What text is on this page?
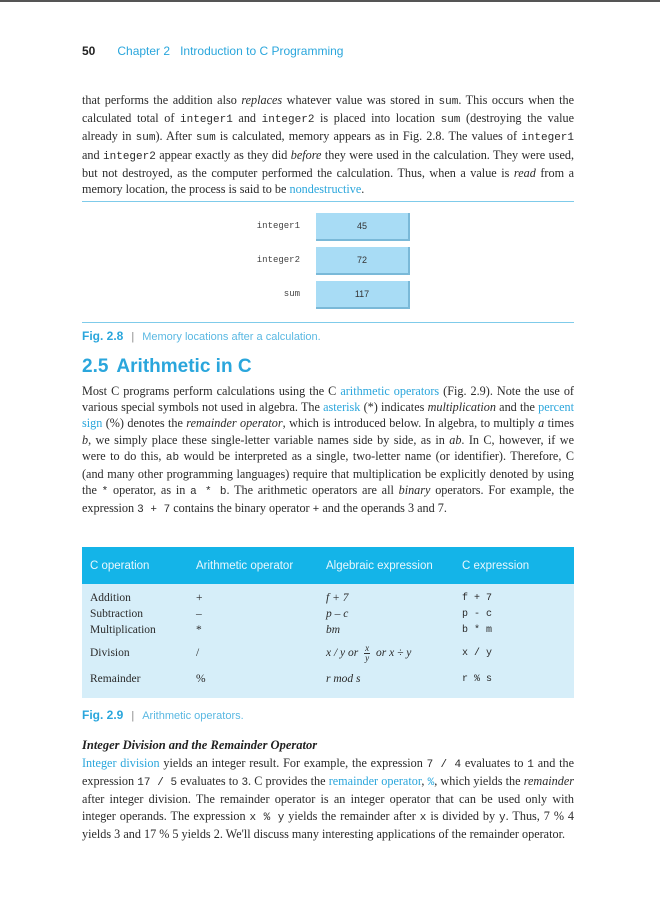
50 Chapter 2 Introduction to C Programming
that performs the addition also replaces whatever value was stored in sum. This occurs when the calculated total of integer1 and integer2 is placed into location sum (destroying the value already in sum). After sum is calculated, memory appears as in Fig. 2.8. The values of integer1 and integer2 appear exactly as they did before they were used in the calculation. They were used, but not destroyed, as the computer performed the calculation. Thus, when a value is read from a memory location, the process is said to be nondestructive.
integer1	45
integer2	72
sum	117
Fig. 2.8 | Memory locations after a calculation.
2.5 Arithmetic in C
Most C programs perform calculations using the C arithmetic operators (Fig. 2.9). Note the use of various special symbols not used in algebra. The asterisk (*) indicates multiplication and the percent sign (%) denotes the remainder operator, which is introduced below. In algebra, to multiply a times b, we simply place these single-letter variable names side by side, as in ab. In C, however, if we were to do this, ab would be interpreted as a single, two-letter name (or identifier). Therefore, C (and many other programming languages) require that multiplication be explicitly denoted by using the * operator, as in a * b. The arithmetic operators are all binary operators. For example, the expression 3 + 7 contains the binary operator + and the operands 3 and 7.
C operation	Arithmetic operator	Algebraic expression	C expression
Addition	+	f + 7	f + 7
Subtraction	–	p – c	p - c
Multiplication	*	bm	b * m
Division	/	x / y or $\frac{x}{y}$ or x ÷ y	x / y
Remainder	%	r mod s	r % s
Fig. 2.9 | Arithmetic operators.
Integer Division and the Remainder Operator
Integer division yields an integer result. For example, the expression 7 / 4 evaluates to 1 and the expression 17 / 5 evaluates to 3. C provides the remainder operator, %, which yields the remainder after integer division. The remainder operator is an integer operator that can be used only with integer operands. The expression x % y yields the remainder after x is divided by y. Thus, 7 % 4 yields 3 and 17 % 5 yields 2. We'll discuss many interesting applications of the remainder operator.
